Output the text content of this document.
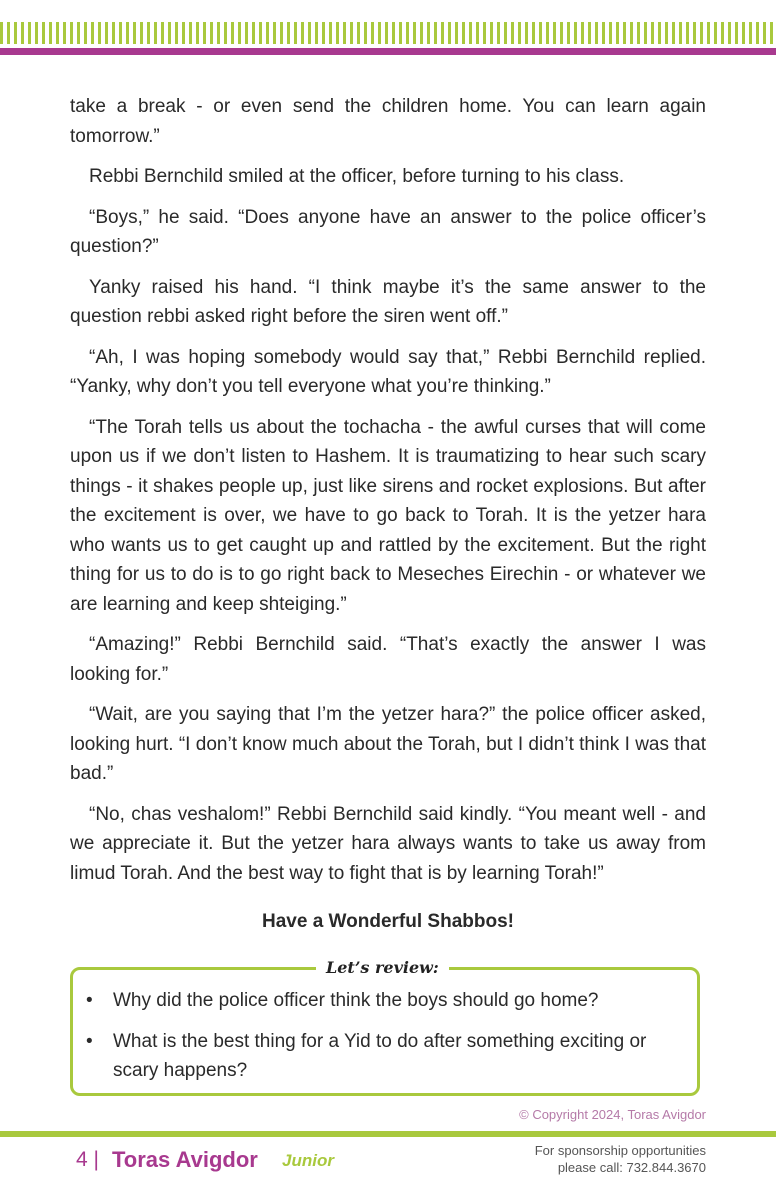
take a break - or even send the children home. You can learn again tomorrow.”

Rebbi Bernchild smiled at the officer, before turning to his class.

“Boys,” he said. “Does anyone have an answer to the police officer’s question?”

Yanky raised his hand. “I think maybe it’s the same answer to the question rebbi asked right before the siren went off.”

“Ah, I was hoping somebody would say that,” Rebbi Bernchild replied. “Yanky, why don’t you tell everyone what you’re thinking.”

“The Torah tells us about the tochacha - the awful curses that will come upon us if we don’t listen to Hashem. It is traumatizing to hear such scary things - it shakes people up, just like sirens and rocket explosions. But after the excitement is over, we have to go back to Torah. It is the yetzer hara who wants us to get caught up and rattled by the excitement. But the right thing for us to do is to go right back to Meseches Eirechin - or whatever we are learning and keep shteiging.”

“Amazing!” Rebbi Bernchild said. “That’s exactly the answer I was looking for.”

“Wait, are you saying that I’m the yetzer hara?” the police officer asked, looking hurt. “I don’t know much about the Torah, but I didn’t think I was that bad.”

“No, chas veshalom!” Rebbi Bernchild said kindly. “You meant well - and we appreciate it. But the yetzer hara always wants to take us away from limud Torah. And the best way to fight that is by learning Torah!”

Have a Wonderful Shabbos!
Let’s review:
• Why did the police officer think the boys should go home?
• What is the best thing for a Yid to do after something exciting or scary happens?
© Copyright 2024, Toras Avigdor
4 | Toras Avigdor Junior
For sponsorship opportunities
please call: 732.844.3670
